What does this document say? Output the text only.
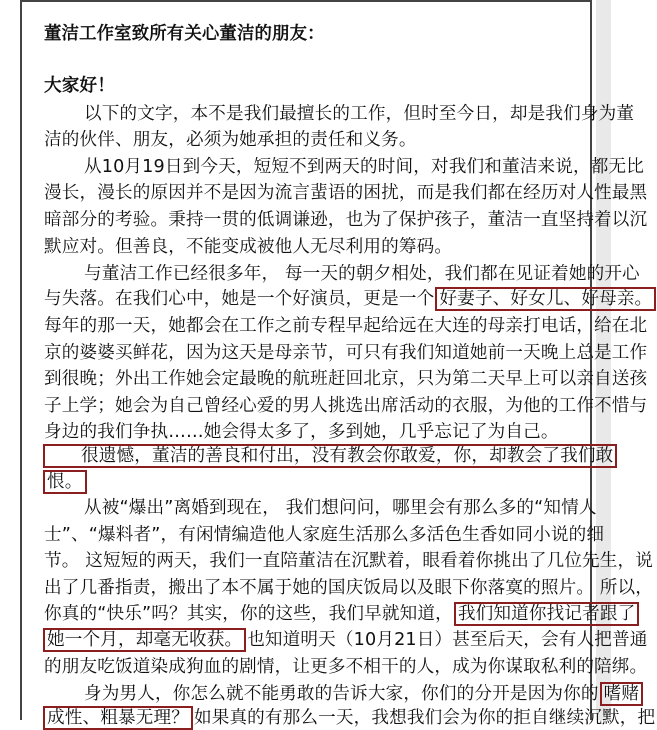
董洁工作室致所有关心董洁的朋友：
大家好！
以下的文字，本不是我们最擅长的工作，但时至今日，却是我们身为董
洁的伙伴、朋友，必须为她承担的责任和义务。
从10月19日到今天，短短不到两天的时间，对我们和董洁来说，都无比
漫长，漫长的原因并不是因为流言蜚语的困扰，而是我们都在经历对人性最黑
暗部分的考验。秉持一贯的低调谦逊，也为了保护孩子，董洁一直坚持着以沉
默应对。但善良，不能变成被他人无尽利用的筹码。
与董洁工作已经很多年， 每一天的朝夕相处，我们都在见证着她的开心
与失落。在我们心中，她是一个好演员，更是一个 好妻子、好女儿、好母亲。
每年的那一天，她都会在工作之前专程早起给远在大连的母亲打电话，给在北
京的婆婆买鲜花，因为这天是母亲节，可只有我们知道她前一天晚上总是工作
到很晚；外出工作她会定最晚的航班赶回北京，只为第二天早上可以亲自送孩
子上学；她会为自己曾经心爱的男人挑选出席活动的衣服，为他的工作不惜与
身边的我们争执……她会得太多了，多到她，几乎忘记了为自己。
很遗憾，董洁的善良和付出，没有教会你敢爱，你，却教会了我们敢
恨。
从被“爆出”离婚到现在， 我们想问问，哪里会有那么多的“知情人
士”、“爆料者”，有闲情编造他人家庭生活那么多活色生香如同小说的细
节。 这短短的两天，我们一直陪董洁在沉默着，眼看着你挑出了几位先生，说
出了几番指责，搬出了本不属于她的国庆饭局以及眼下你落寞的照片。 所以，
你真的“快乐”吗？其实，你的这些，我们早就知道， 我们知道你找记者跟了
她一个月，却毫无收获。 也知道明天（10月21日）甚至后天，会有人把普通
的朋友吃饭道染成狗血的剧情，让更多不相干的人，成为你谋取私利的陪绑。
身为男人，你怎么就不能勇敢的告诉大家，你们的分开是因为你的 嗜赌
成性、粗暴无理？ 如果真的有那么一天，我想我们会为你的拒自继续沉默，把
